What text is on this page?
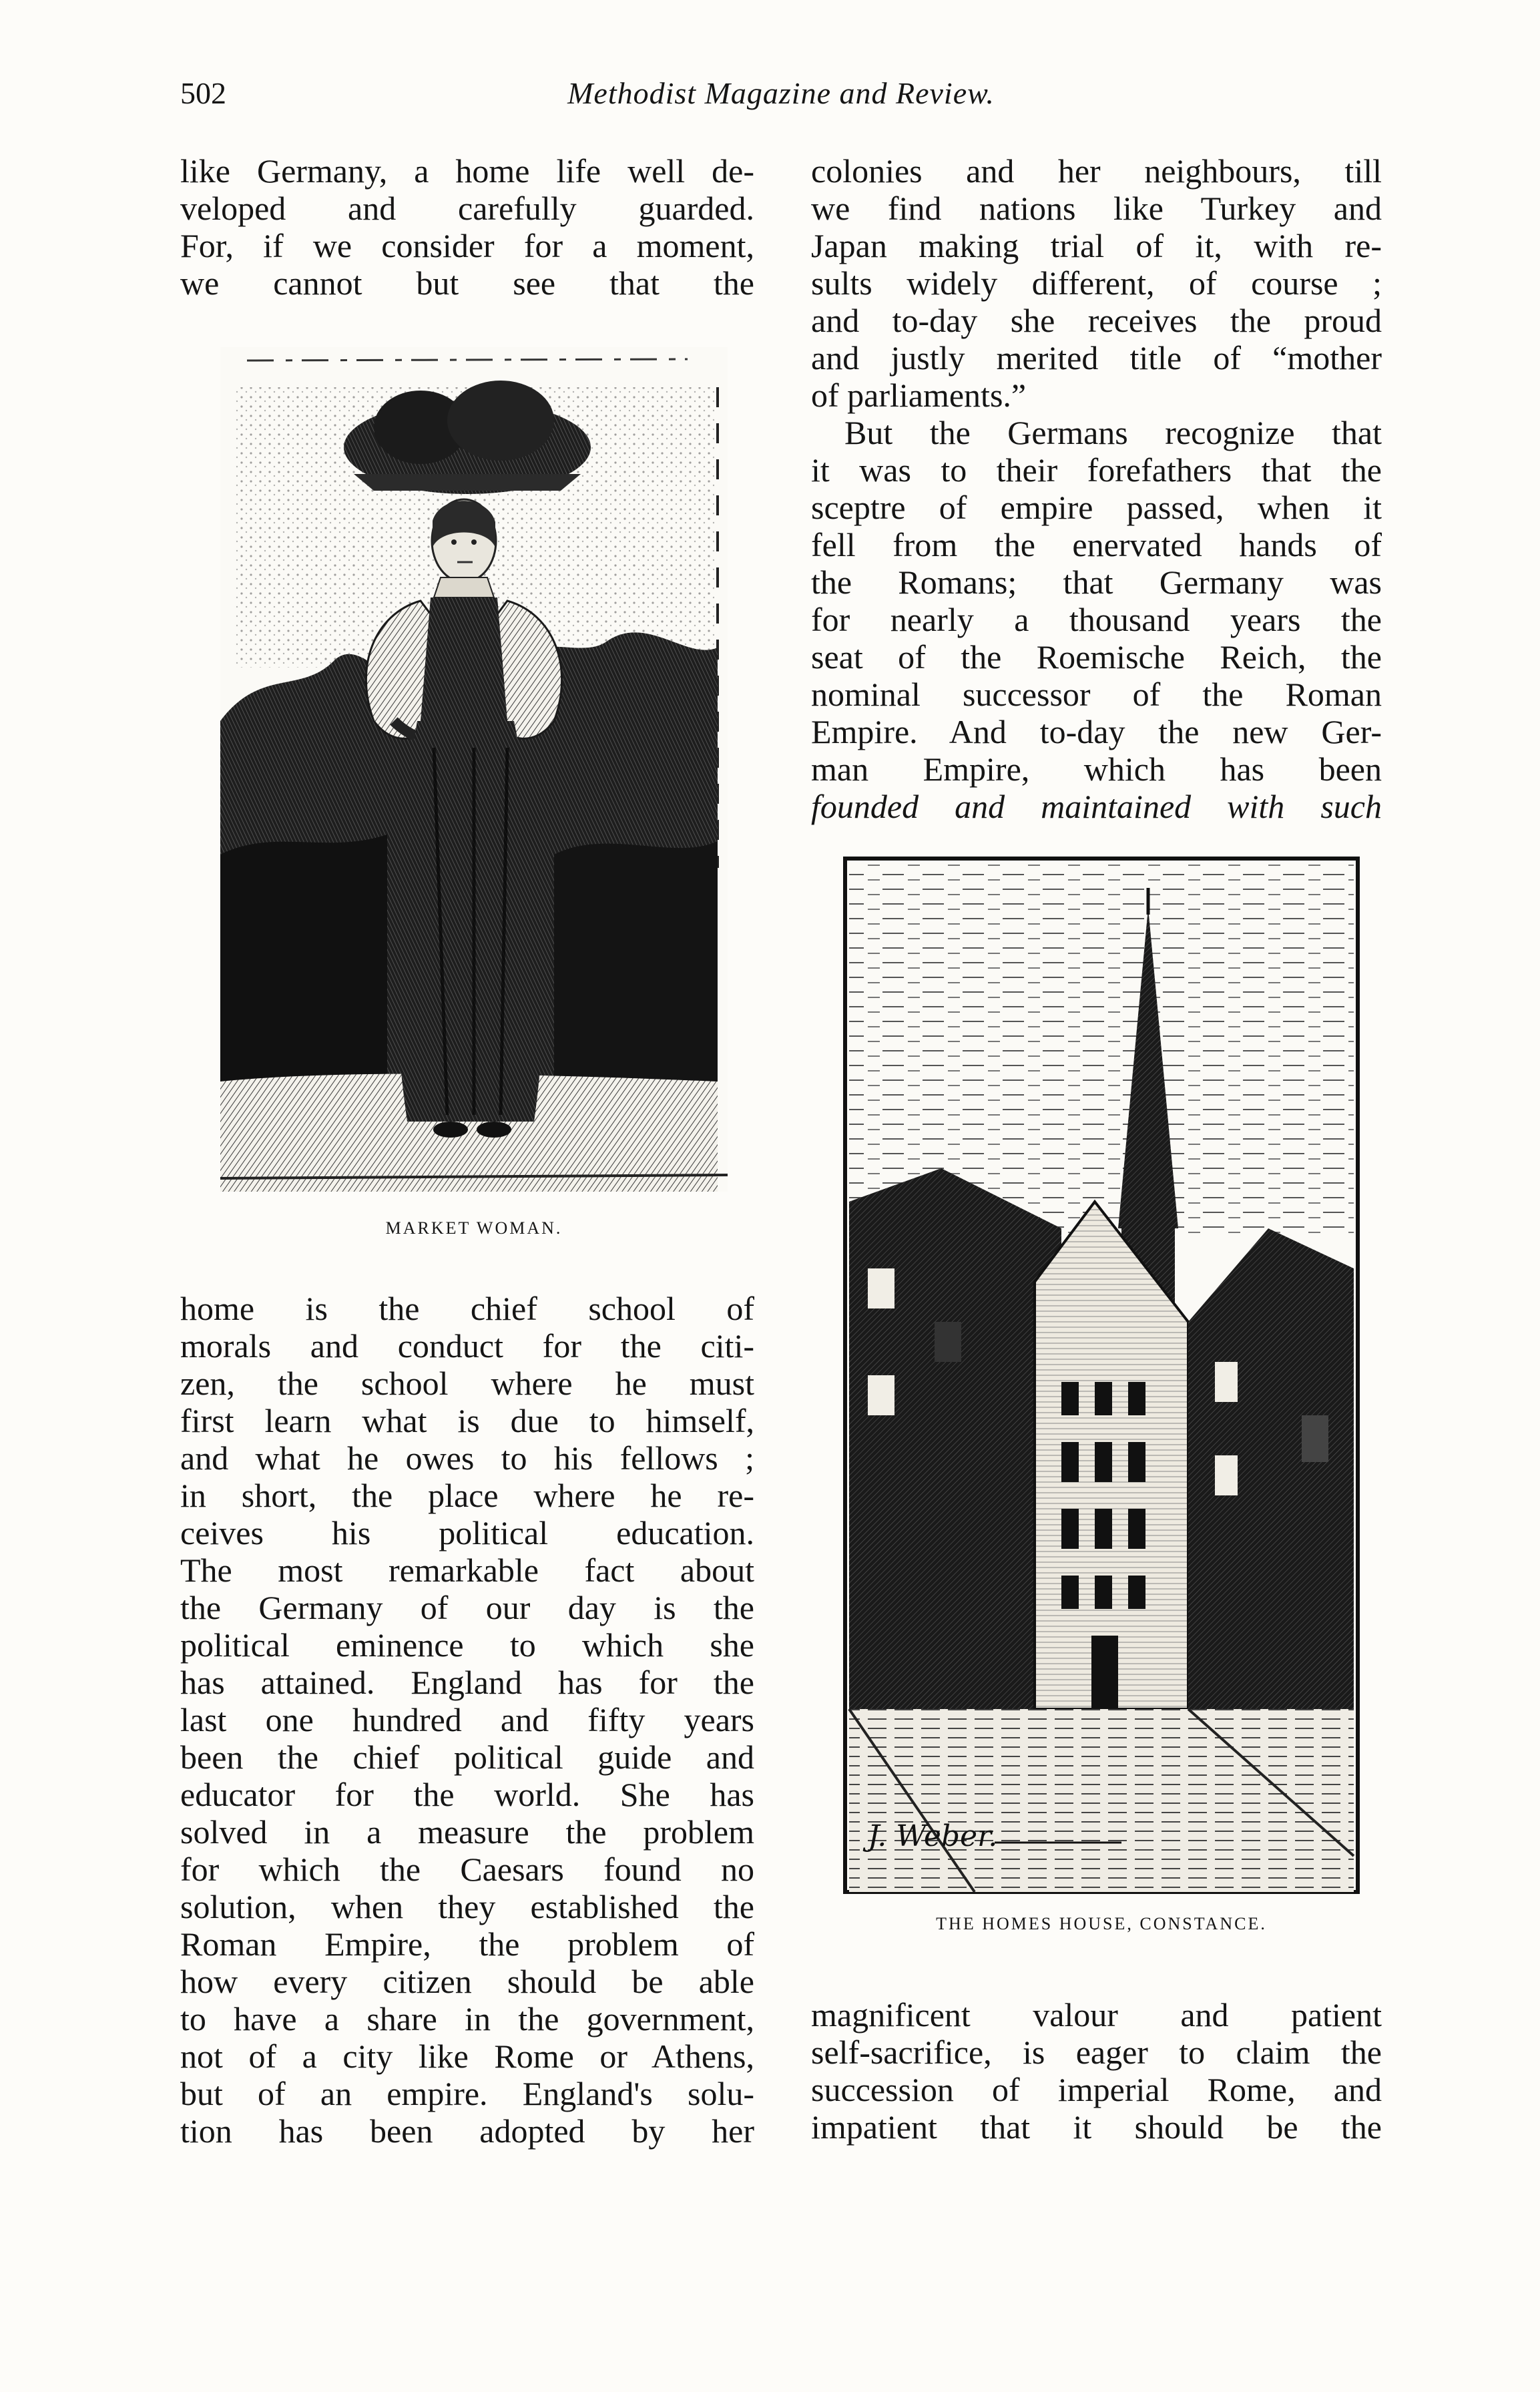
502	Methodist Magazine and Review.
like Germany, a home life well de-
veloped and carefully guarded.
For, if we consider for a moment,
we cannot but see that the
MARKET WOMAN.
home is the chief school of
morals and conduct for the citi-
zen, the school where he must
first learn what is due to himself,
and what he owes to his fellows ;
in short, the place where he re-
ceives his political education.
The most remarkable fact about
the Germany of our day is the
political eminence to which she
has attained. England has for the
last one hundred and fifty years
been the chief political guide and
educator for the world. She has
solved in a measure the problem
for which the Caesars found no
solution, when they established the
Roman Empire, the problem of
how every citizen should be able
to have a share in the government,
not of a city like Rome or Athens,
but of an empire. England's solu-
tion has been adopted by her
colonies and her neighbours, till
we find nations like Turkey and
Japan making trial of it, with re-
sults widely different, of course ;
and to-day she receives the proud
and justly merited title of “mother
of parliaments.”
But the Germans recognize that
it was to their forefathers that the
sceptre of empire passed, when it
fell from the enervated hands of
the Romans; that Germany was
for nearly a thousand years the
seat of the Roemische Reich, the
nominal successor of the Roman
Empire. And to-day the new Ger-
man Empire, which has been
founded and maintained with such
J. Weber.
THE HOMES HOUSE, CONSTANCE.
magnificent valour and patient
self-sacrifice, is eager to claim the
succession of imperial Rome, and
impatient that it should be the
